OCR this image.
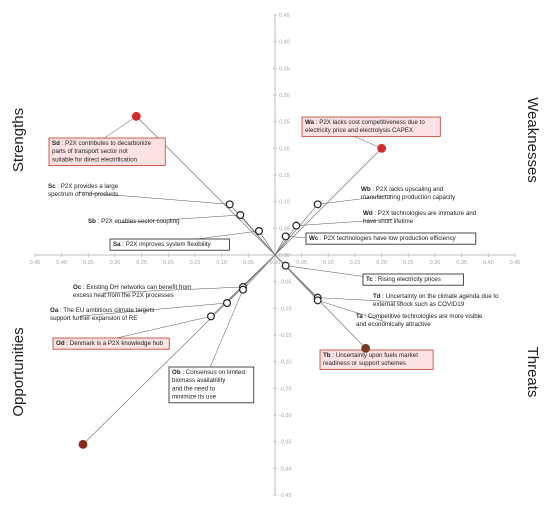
0.45	0.40	0.35	0.30	0.25	0.20	0.15	0.10	0.05	0.00	0.05	0.10	0.15	0.20	0.25	0.30	0.35	0.40	0.45
0.45
0.40
0.35
0.30
0.25
0.20
0.15
0.10
0.05
0.00
-0.05
-0.10
-0.15
-0.20
-0.25
-0.30
-0.35
-0.40
-0.45
Strengths	Weaknesses
Opportunities	Threats
Sd : P2X contributes to decarbonize
parts of transport sector not
suitable for direct electrification
Sc : P2X provides a large
spectrum of end-products
Sb : P2X enables sector coupling
Sa : P2X improves system flexibility
Wa : P2X lacks cost competitiveness due to
electricity price and electrolysis CAPEX
Wb : P2X lacks upscaling and
manufacturing production capacity
Wd : P2X technologies are immature and
have short lifetime
Wc : P2X technologies have low production efficiency
Tc : Rising electricity prices
Td : Uncertainty on the climate agenda due to
external shock such as COVID19
Ta : Competitive technologies are more visible
and economically attractive
Tb : Uncertainty upon fuels market
readiness or support schemes
Oc : Existing DH networks can benefit from
excess heat from the P2X processes
Ob : Consensus on limited
biomass availability
and the need to
minimize its use
Oa : The EU ambitious climate targets
support further expansion of RE
Od : Denmark is a P2X knowledge hub
